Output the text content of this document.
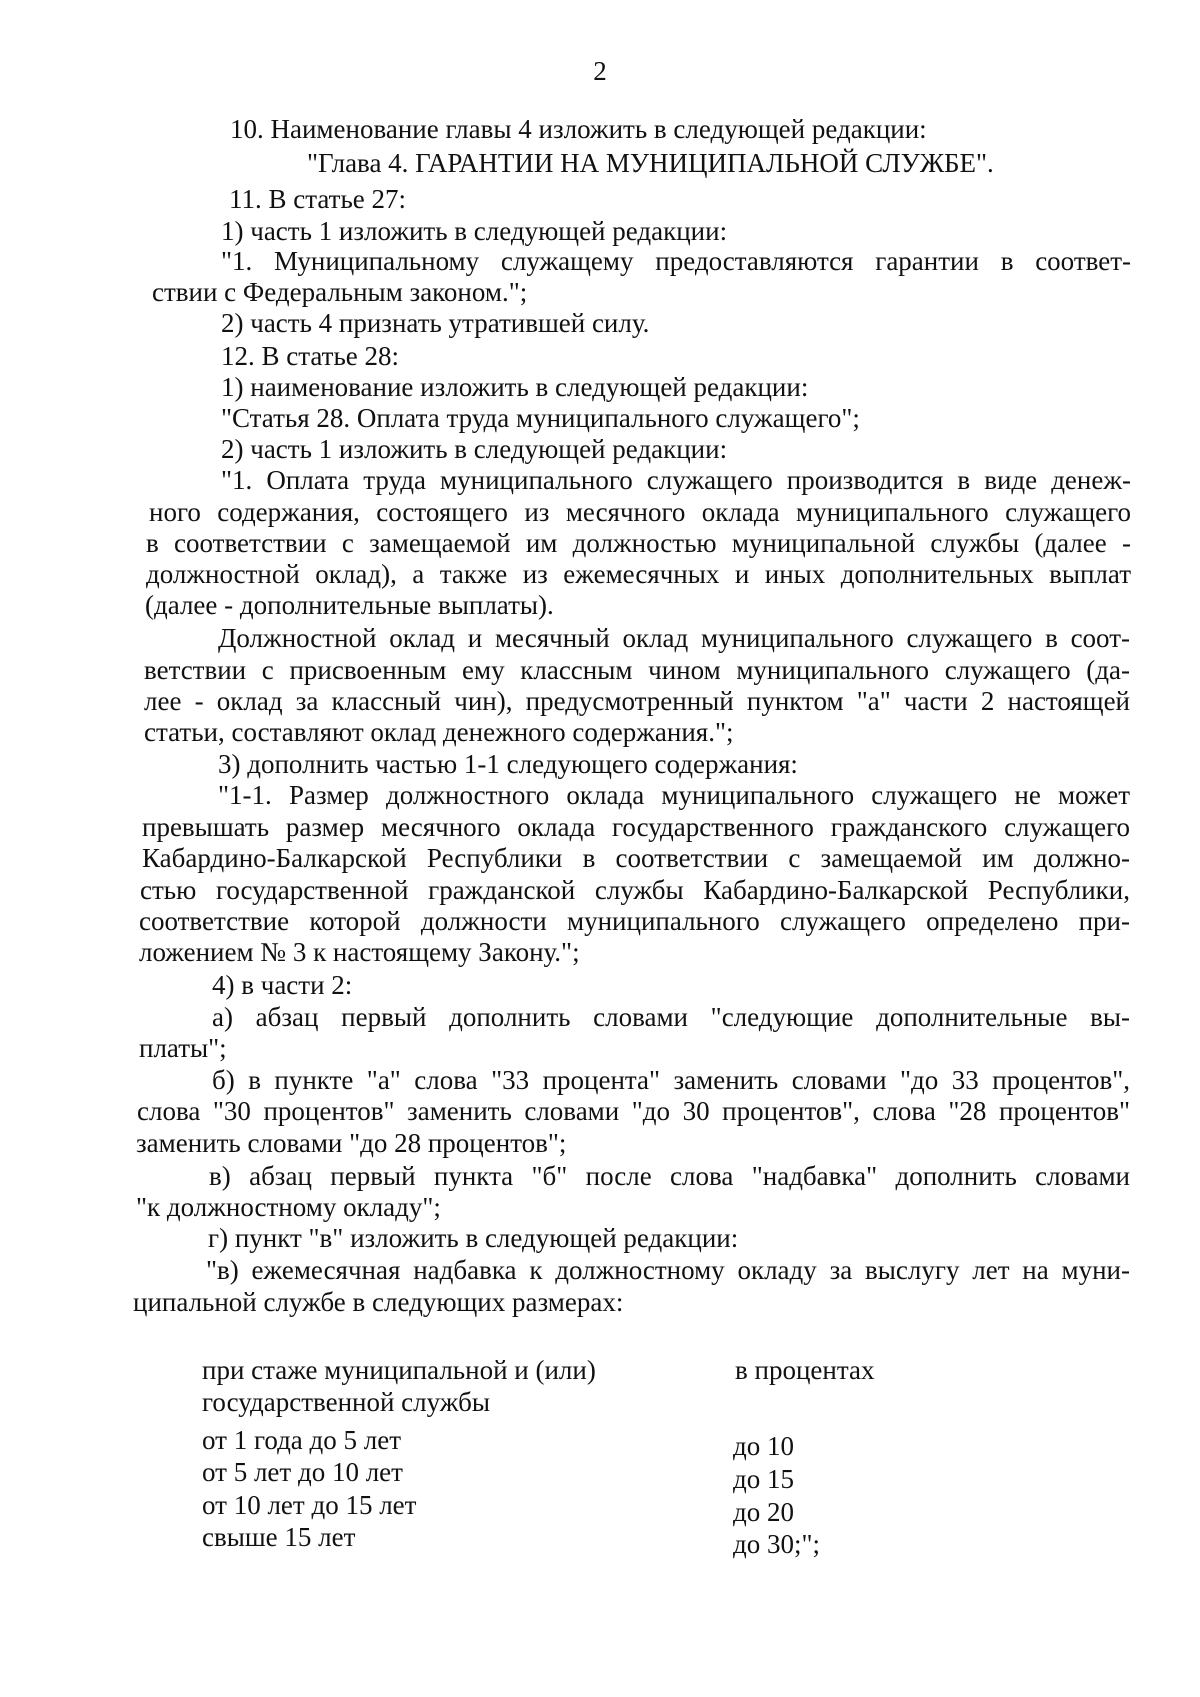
2
10. Наименование главы 4 изложить в следующей редакции:
"Глава 4. ГАРАНТИИ НА МУНИЦИПАЛЬНОЙ СЛУЖБЕ".
11. В статье 27:
1) часть 1 изложить в следующей редакции:
"1. Муниципальному служащему предоставляются гарантии в соответ-
ствии с Федеральным законом.";
2) часть 4 признать утратившей силу.
12. В статье 28:
1) наименование изложить в следующей редакции:
"Статья 28. Оплата труда муниципального служащего";
2) часть 1 изложить в следующей редакции:
"1. Оплата труда муниципального служащего производится в виде денеж-
ного содержания, состоящего из месячного оклада муниципального служащего
в соответствии с замещаемой им должностью муниципальной службы (далее -
должностной оклад), а также из ежемесячных и иных дополнительных выплат
(далее - дополнительные выплаты).
Должностной оклад и месячный оклад муниципального служащего в соот-
ветствии с присвоенным ему классным чином муниципального служащего (да-
лее - оклад за классный чин), предусмотренный пунктом "а" части 2 настоящей
статьи, составляют оклад денежного содержания.";
3) дополнить частью 1-1 следующего содержания:
"1-1. Размер должностного оклада муниципального служащего не может
превышать размер месячного оклада государственного гражданского служащего
Кабардино-Балкарской Республики в соответствии с замещаемой им должно-
стью государственной гражданской службы Кабардино-Балкарской Республики,
соответствие которой должности муниципального служащего определено при-
ложением № 3 к настоящему Закону.";
4) в части 2:
а) абзац первый дополнить словами "следующие дополнительные вы-
платы";
б) в пункте "а" слова "33 процента" заменить словами "до 33 процентов",
слова "30 процентов" заменить словами "до 30 процентов", слова "28 процентов"
заменить словами "до 28 процентов";
в) абзац первый пункта "б" после слова "надбавка" дополнить словами
"к должностному окладу";
г) пункт "в" изложить в следующей редакции:
"в) ежемесячная надбавка к должностному окладу за выслугу лет на муни-
ципальной службе в следующих размерах:
при стаже муниципальной и (или)
государственной службы
в процентах
от 1 года до 5 лет	до 10
от 5 лет до 10 лет	до 15
от 10 лет до 15 лет	до 20
свыше 15 лет	до 30;";
